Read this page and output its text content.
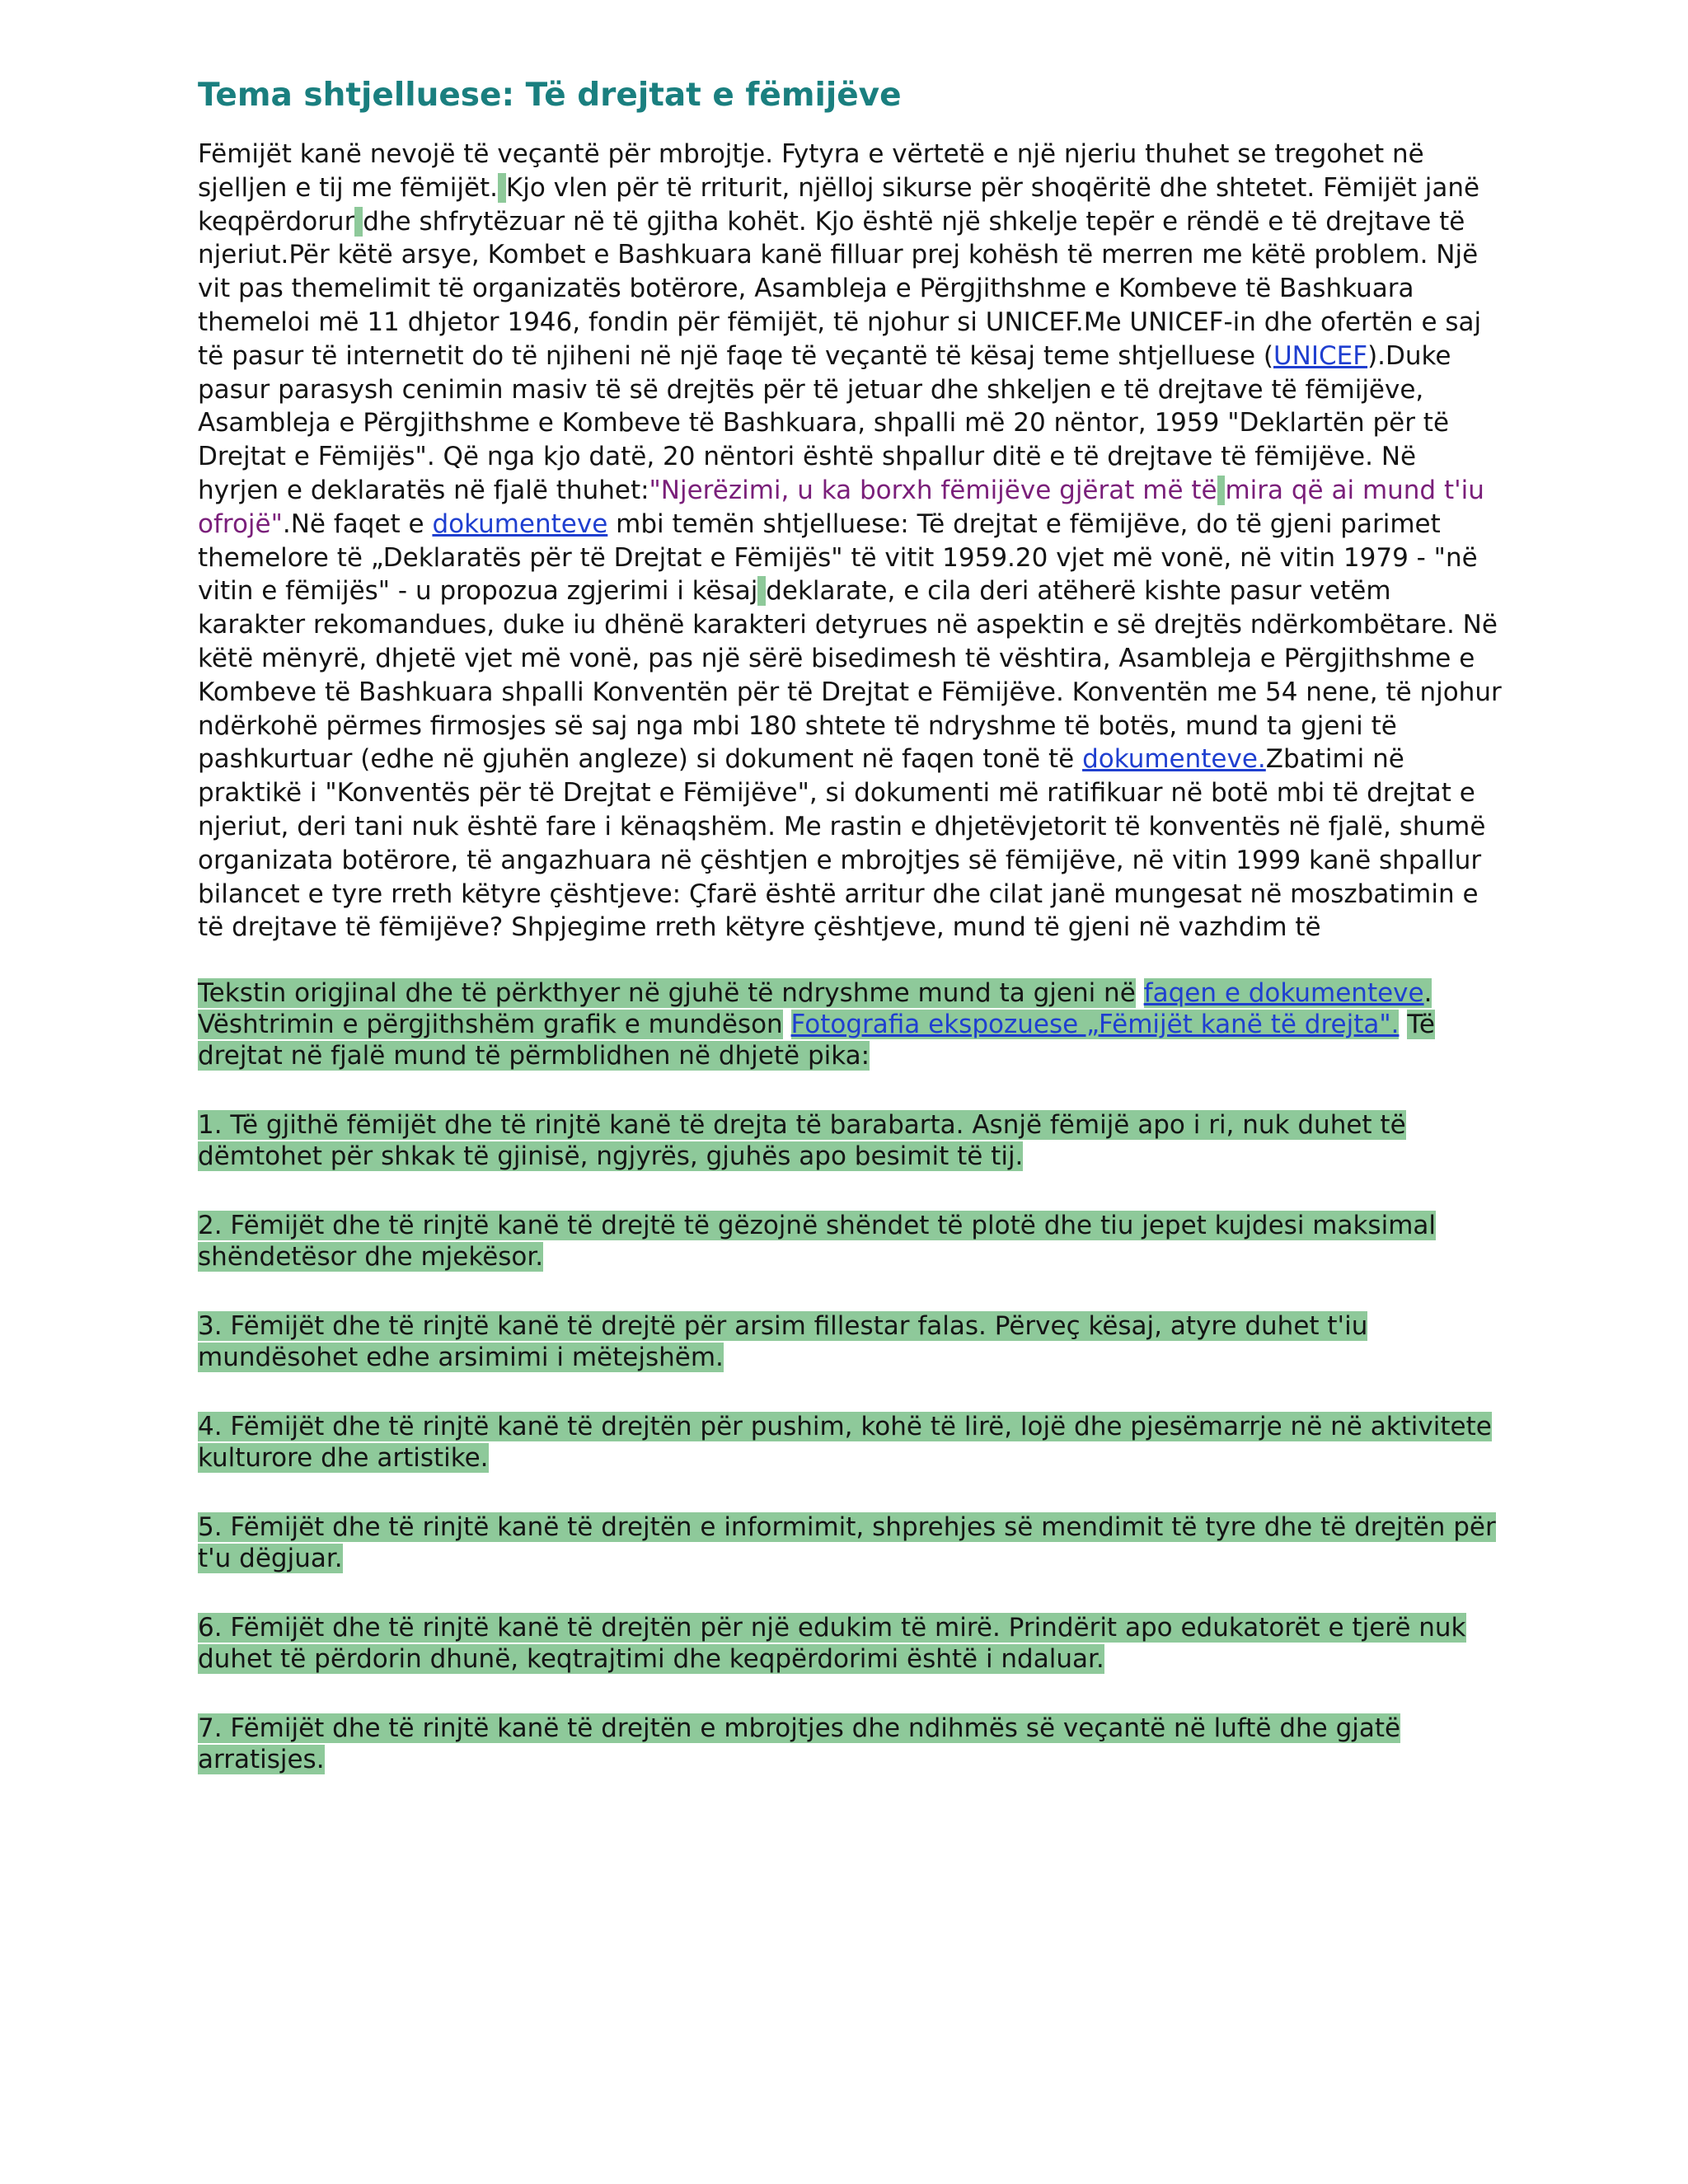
Tema shtjelluese: Të drejtat e fëmijëve

Fëmijët kanë nevojë të veçantë për mbrojtje. Fytyra e vërtetë e një njeriu thuhet se tregohet në sjelljen e tij me fëmijët. Kjo vlen për të rriturit, njëlloj sikurse për shoqëritë dhe shtetet. Fëmijët janë keqpërdorur dhe shfrytëzuar në të gjitha kohët. Kjo është një shkelje tepër e rëndë e të drejtave të njeriut.Për këtë arsye, Kombet e Bashkuara kanë filluar prej kohësh të merren me këtë problem. Një vit pas themelimit të organizatës botërore, Asambleja e Përgjithshme e Kombeve të Bashkuara themeloi më 11 dhjetor 1946, fondin për fëmijët, të njohur si UNICEF.Me UNICEF-in dhe ofertën e saj të pasur të internetit do të njiheni në një faqe të veçantë të kësaj teme shtjelluese (UNICEF).Duke pasur parasysh cenimin masiv të së drejtës për të jetuar dhe shkeljen e të drejtave të fëmijëve, Asambleja e Përgjithshme e Kombeve të Bashkuara, shpalli më 20 nëntor, 1959 "Deklartën për të Drejtat e Fëmijës". Që nga kjo datë, 20 nëntori është shpallur ditë e të drejtave të fëmijëve. Në hyrjen e deklaratës në fjalë thuhet:"Njerëzimi, u ka borxh fëmijëve gjërat më të mira që ai mund t'iu ofrojë".Në faqet e dokumenteve mbi temën shtjelluese: Të drejtat e fëmijëve, do të gjeni parimet themelore të „Deklaratës për të Drejtat e Fëmijës" të vitit 1959.20 vjet më vonë, në vitin 1979 - "në vitin e fëmijës" - u propozua zgjerimi i kësaj deklarate, e cila deri atëherë kishte pasur vetëm karakter rekomandues, duke iu dhënë karakteri detyrues në aspektin e së drejtës ndërkombëtare. Në këtë mënyrë, dhjetë vjet më vonë, pas një sërë bisedimesh të vështira, Asambleja e Përgjithshme e Kombeve të Bashkuara shpalli Konventën për të Drejtat e Fëmijëve. Konventën me 54 nene, të njohur ndërkohë përmes firmosjes së saj nga mbi 180 shtete të ndryshme të botës, mund ta gjeni të pashkurtuar (edhe në gjuhën angleze) si dokument në faqen tonë të dokumenteve.Zbatimi në praktikë i "Konventës për të Drejtat e Fëmijëve", si dokumenti më ratifikuar në botë mbi të drejtat e njeriut, deri tani nuk është fare i kënaqshëm. Me rastin e dhjetëvjetorit të konventës në fjalë, shumë organizata botërore, të angazhuara në çështjen e mbrojtjes së fëmijëve, në vitin 1999 kanë shpallur bilancet e tyre rreth këtyre çështjeve: Çfarë është arritur dhe cilat janë mungesat në moszbatimin e të drejtave të fëmijëve? Shpjegime rreth këtyre çështjeve, mund të gjeni në vazhdim të

Tekstin origjinal dhe të përkthyer në gjuhë të ndryshme mund ta gjeni në faqen e dokumenteve. Vështrimin e përgjithshëm grafik e mundëson Fotografia ekspozuese „Fëmijët kanë të drejta". Të drejtat në fjalë mund të përmblidhen në dhjetë pika:

1. Të gjithë fëmijët dhe të rinjtë kanë të drejta të barabarta. Asnjë fëmijë apo i ri, nuk duhet të dëmtohet për shkak të gjinisë, ngjyrës, gjuhës apo besimit të tij.

2. Fëmijët dhe të rinjtë kanë të drejtë të gëzojnë shëndet të plotë dhe tiu jepet kujdesi maksimal shëndetësor dhe mjekësor.

3. Fëmijët dhe të rinjtë kanë të drejtë për arsim fillestar falas. Përveç kësaj, atyre duhet t'iu mundësohet edhe arsimimi i mëtejshëm.

4. Fëmijët dhe të rinjtë kanë të drejtën për pushim, kohë të lirë, lojë dhe pjesëmarrje në në aktivitete kulturore dhe artistike.

5. Fëmijët dhe të rinjtë kanë të drejtën e informimit, shprehjes së mendimit të tyre dhe të drejtën për t'u dëgjuar.

6. Fëmijët dhe të rinjtë kanë të drejtën për një edukim të mirë. Prindërit apo edukatorët e tjerë nuk duhet të përdorin dhunë, keqtrajtimi dhe keqpërdorimi është i ndaluar.

7. Fëmijët dhe të rinjtë kanë të drejtën e mbrojtjes dhe ndihmës së veçantë në luftë dhe gjatë arratisjes.
